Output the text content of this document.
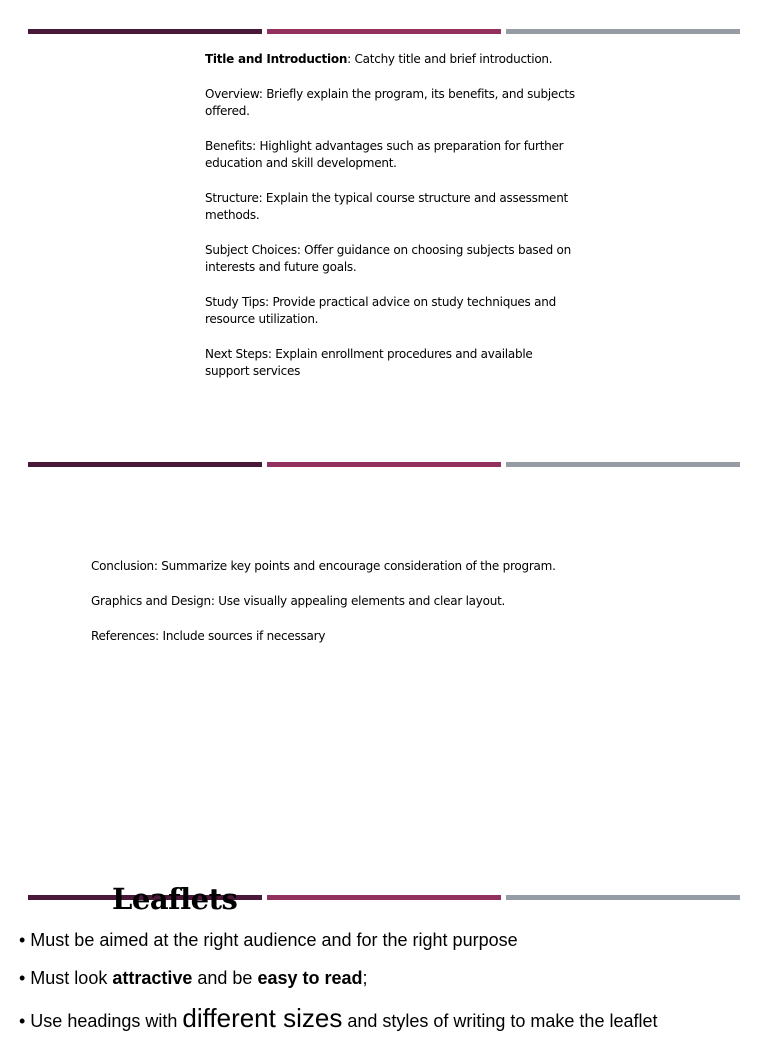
Title and Introduction: Catchy title and brief introduction.

Overview: Briefly explain the program, its benefits, and subjects offered.

Benefits: Highlight advantages such as preparation for further education and skill development.

Structure: Explain the typical course structure and assessment methods.

Subject Choices: Offer guidance on choosing subjects based on interests and future goals.

Study Tips: Provide practical advice on study techniques and resource utilization.

Next Steps: Explain enrollment procedures and available support services

Conclusion: Summarize key points and encourage consideration of the program.

Graphics and Design: Use visually appealing elements and clear layout.

References: Include sources if necessary

Leaflets
• Must be aimed at the right audience and for the right purpose
• Must look attractive and be easy to read;
• Use headings with different sizes and styles of writing to make the leaflet
